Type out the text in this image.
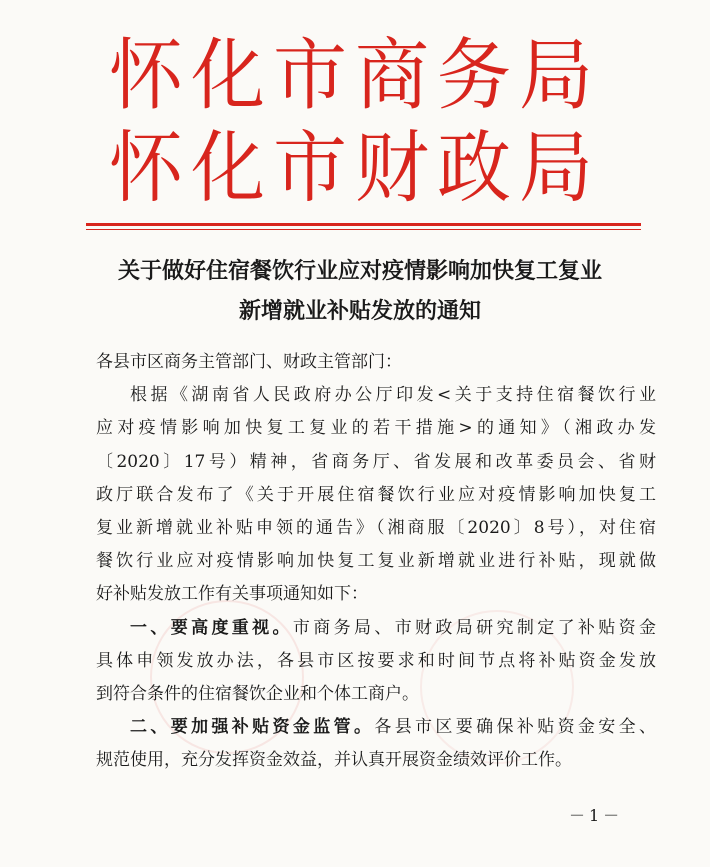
怀化市商务局
怀化市财政局
关于做好住宿餐饮行业应对疫情影响加快复工复业
新增就业补贴发放的通知
各县市区商务主管部门、财政主管部门：
根据《湖南省人民政府办公厅印发<关于支持住宿餐饮行业
应对疫情影响加快复工复业的若干措施>的通知》（湘政办发
〔2020〕17号）精神，省商务厅、省发展和改革委员会、省财
政厅联合发布了《关于开展住宿餐饮行业应对疫情影响加快复工
复业新增就业补贴申领的通告》（湘商服〔2020〕8号），对住宿
餐饮行业应对疫情影响加快复工复业新增就业进行补贴，现就做
好补贴发放工作有关事项通知如下：
一、要高度重视。市商务局、市财政局研究制定了补贴资金
具体申领发放办法，各县市区按要求和时间节点将补贴资金发放
到符合条件的住宿餐饮企业和个体工商户。
二、要加强补贴资金监管。各县市区要确保补贴资金安全、
规范使用，充分发挥资金效益，并认真开展资金绩效评价工作。
－1－
